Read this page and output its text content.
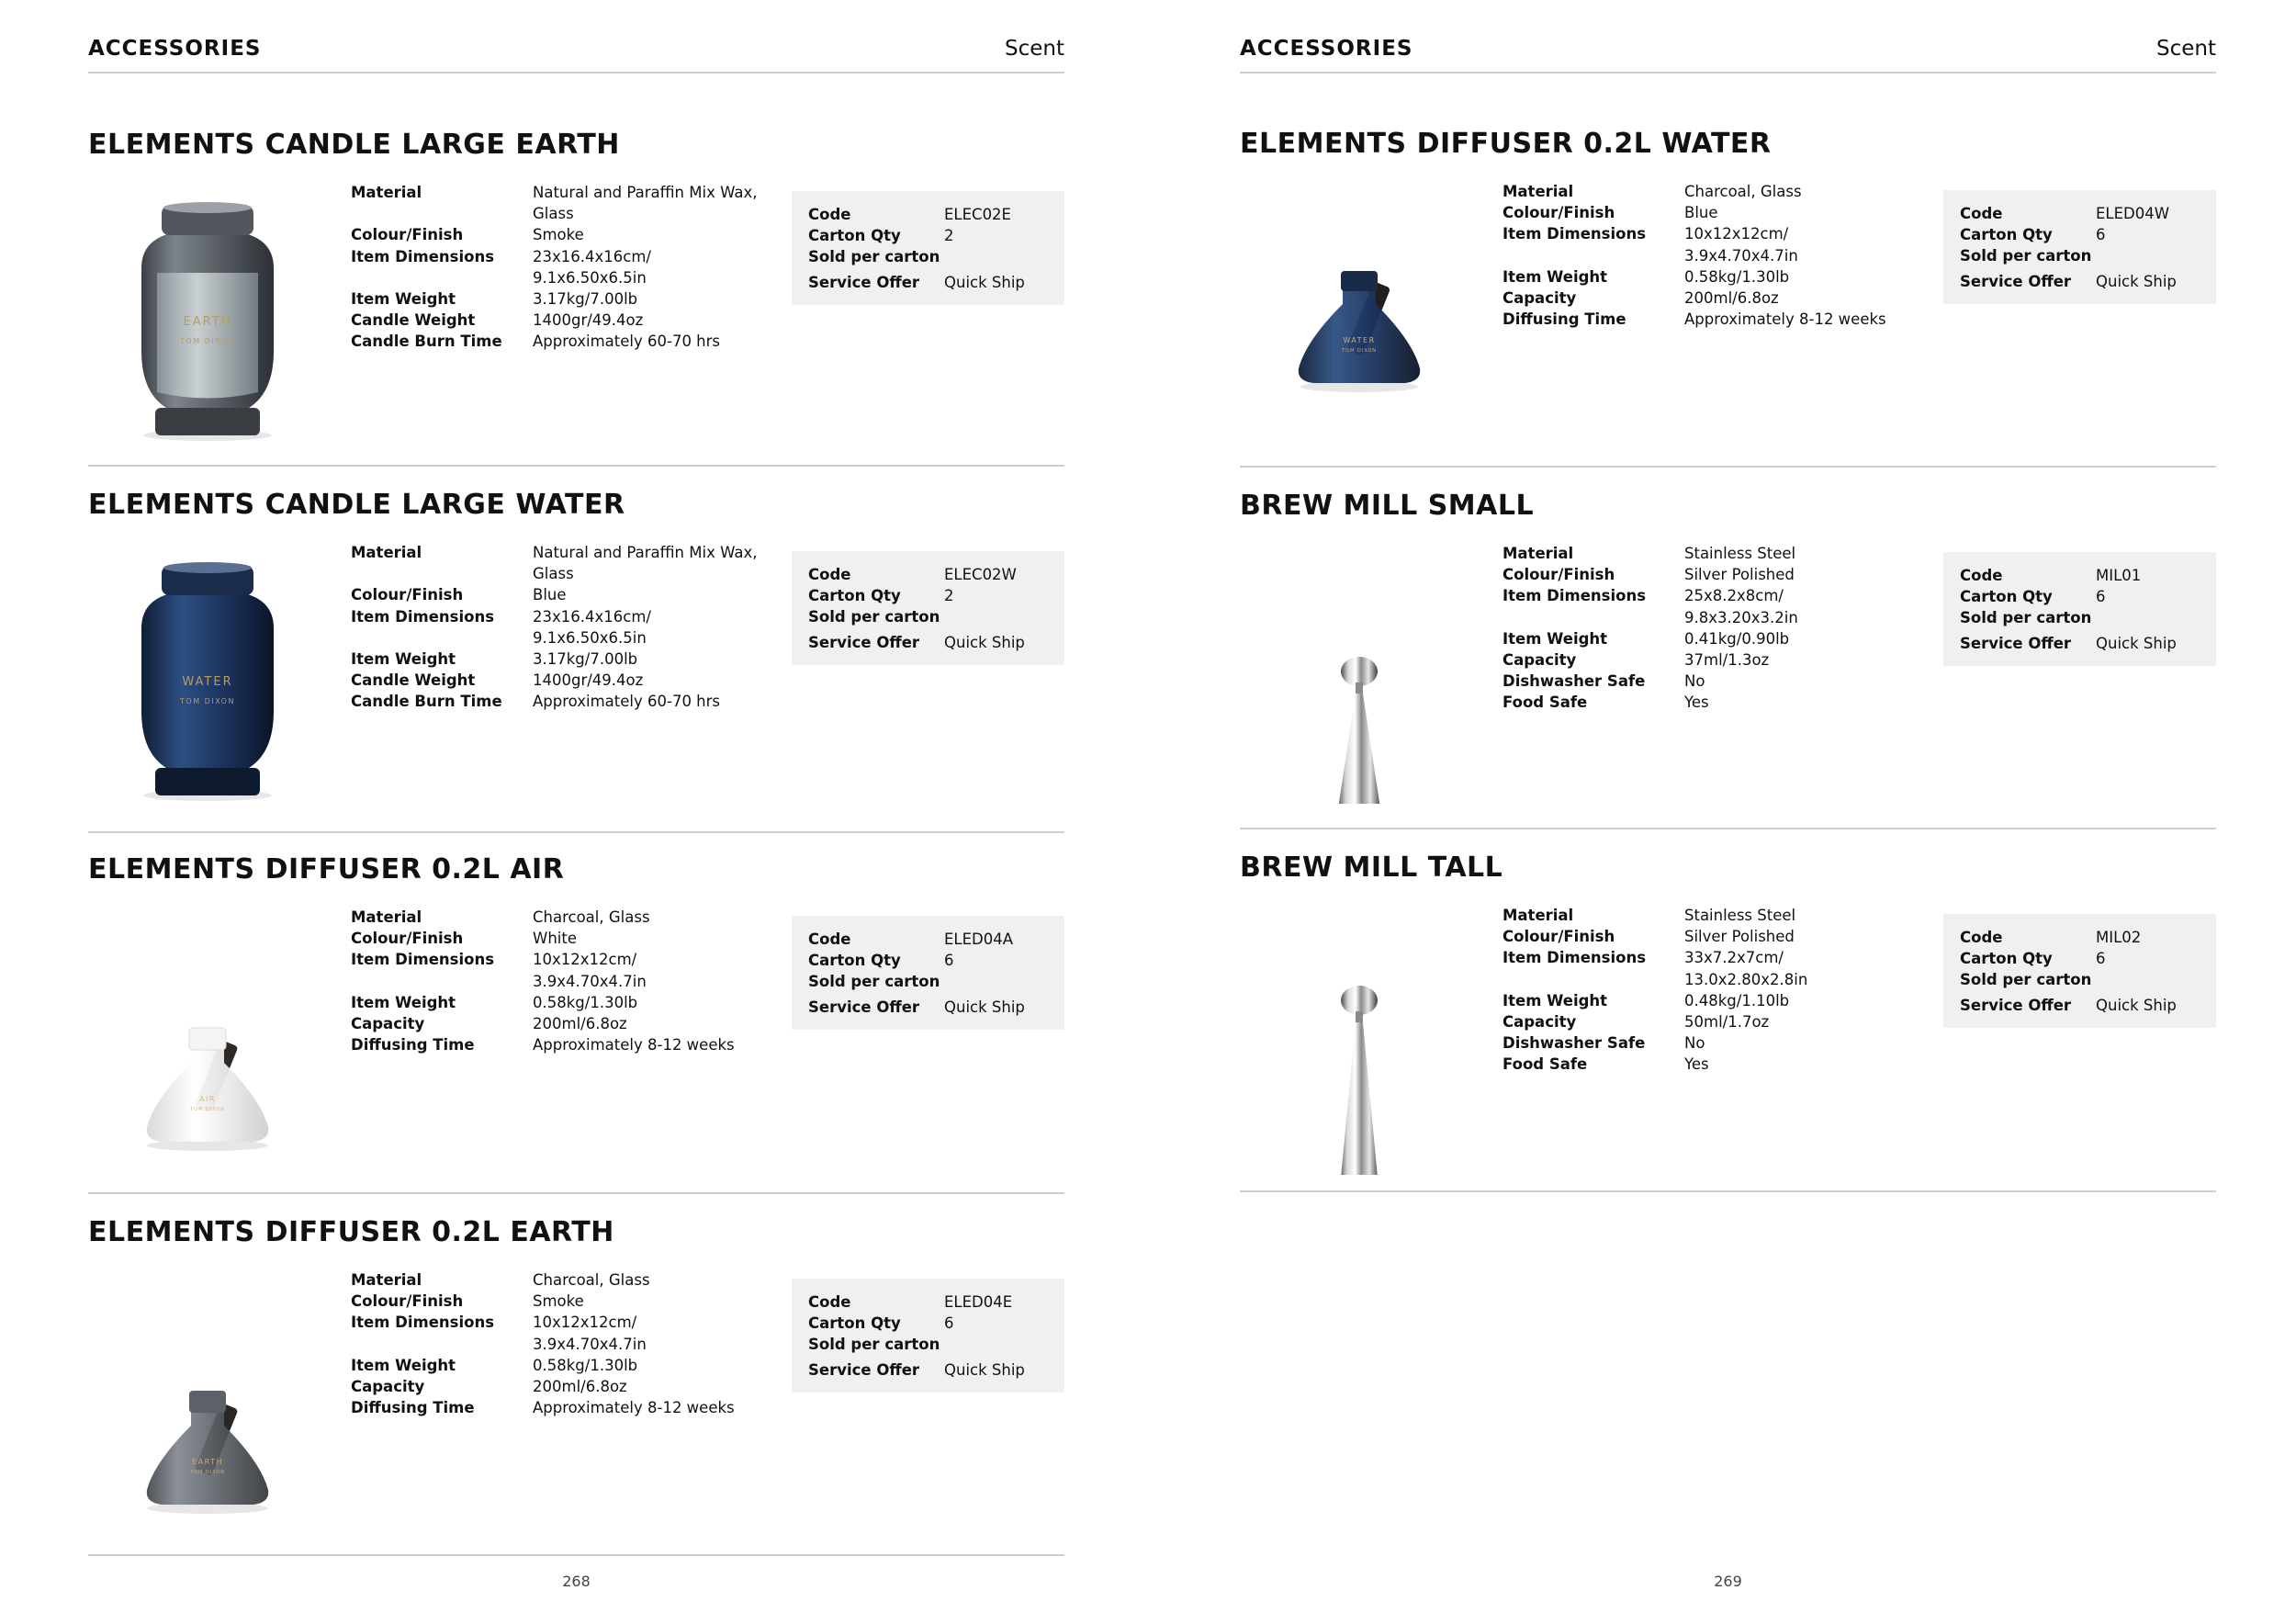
ACCESSORIES	Scent
ELEMENTS CANDLE LARGE EARTH
EARTH
TOM DIXON
Material	Natural and Paraffin Mix Wax,
Glass
Colour/Finish	Smoke
Item Dimensions	23x16.4x16cm/
9.1x6.50x6.5in
Item Weight	3.17kg/7.00lb
Candle Weight	1400gr/49.4oz
Candle Burn Time	Approximately 60-70 hrs
Code	ELEC02E
Carton Qty	2
Sold per carton
Service Offer	Quick Ship
ELEMENTS CANDLE LARGE WATER
WATER
TOM DIXON
Material	Natural and Paraffin Mix Wax,
Glass
Colour/Finish	Blue
Item Dimensions	23x16.4x16cm/
9.1x6.50x6.5in
Item Weight	3.17kg/7.00lb
Candle Weight	1400gr/49.4oz
Candle Burn Time	Approximately 60-70 hrs
Code	ELEC02W
Carton Qty	2
Sold per carton
Service Offer	Quick Ship
ELEMENTS DIFFUSER 0.2L AIR
AIR
TOM DIXON
Material	Charcoal, Glass
Colour/Finish	White
Item Dimensions	10x12x12cm/
3.9x4.70x4.7in
Item Weight	0.58kg/1.30lb
Capacity	200ml/6.8oz
Diffusing Time	Approximately 8-12 weeks
Code	ELED04A
Carton Qty	6
Sold per carton
Service Offer	Quick Ship
ELEMENTS DIFFUSER 0.2L EARTH
EARTH
TOM DIXON
Material	Charcoal, Glass
Colour/Finish	Smoke
Item Dimensions	10x12x12cm/
3.9x4.70x4.7in
Item Weight	0.58kg/1.30lb
Capacity	200ml/6.8oz
Diffusing Time	Approximately 8-12 weeks
Code	ELED04E
Carton Qty	6
Sold per carton
Service Offer	Quick Ship
268
ACCESSORIES	Scent
ELEMENTS DIFFUSER 0.2L WATER
WATER
TOM DIXON
Material	Charcoal, Glass
Colour/Finish	Blue
Item Dimensions	10x12x12cm/
3.9x4.70x4.7in
Item Weight	0.58kg/1.30lb
Capacity	200ml/6.8oz
Diffusing Time	Approximately 8-12 weeks
Code	ELED04W
Carton Qty	6
Sold per carton
Service Offer	Quick Ship
BREW MILL SMALL
Material	Stainless Steel
Colour/Finish	Silver Polished
Item Dimensions	25x8.2x8cm/
9.8x3.20x3.2in
Item Weight	0.41kg/0.90lb
Capacity	37ml/1.3oz
Dishwasher Safe	No
Food Safe	Yes
Code	MIL01
Carton Qty	6
Sold per carton
Service Offer	Quick Ship
BREW MILL TALL
Material	Stainless Steel
Colour/Finish	Silver Polished
Item Dimensions	33x7.2x7cm/
13.0x2.80x2.8in
Item Weight	0.48kg/1.10lb
Capacity	50ml/1.7oz
Dishwasher Safe	No
Food Safe	Yes
Code	MIL02
Carton Qty	6
Sold per carton
Service Offer	Quick Ship
269
